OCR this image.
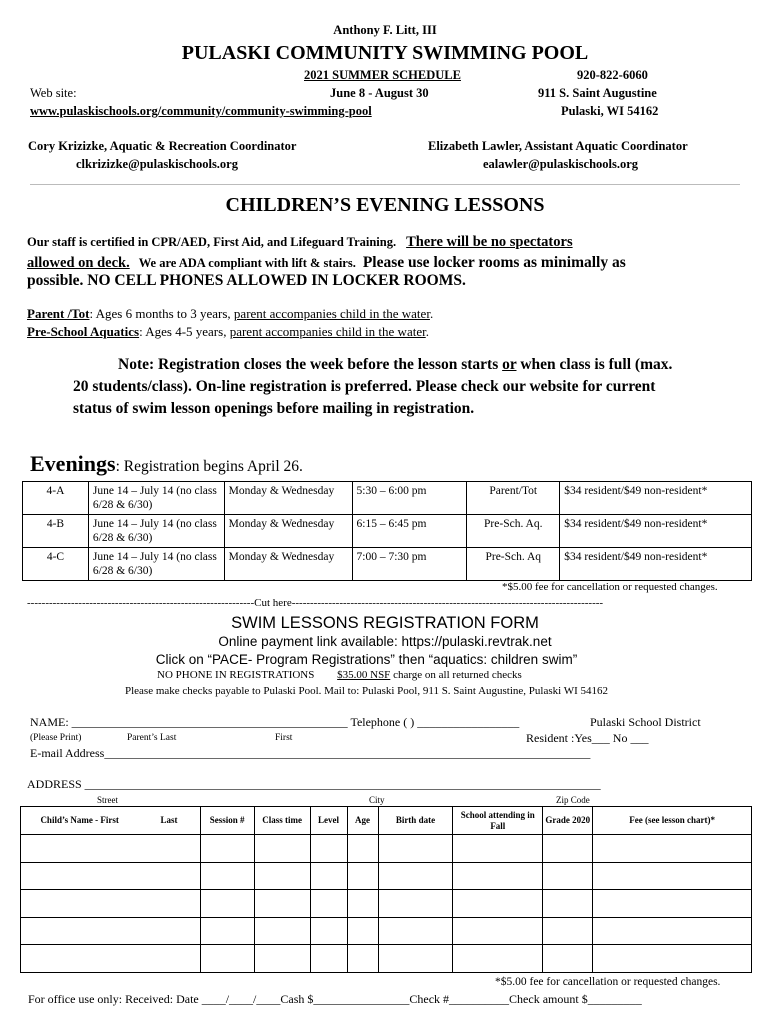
Anthony F. Litt, III
PULASKI COMMUNITY SWIMMING POOL
2021 SUMMER SCHEDULE	920-822-6060
Web site:	June 8 - August 30	911 S. Saint Augustine
www.pulaskischools.org/community/community-swimming-pool	Pulaski, WI 54162
Cory Krizizke, Aquatic & Recreation Coordinator
clkrizizke@pulaskischools.org
Elizabeth Lawler, Assistant Aquatic Coordinator
ealawler@pulaskischools.org
CHILDREN’S EVENING LESSONS
Our staff is certified in CPR/AED, First Aid, and Lifeguard Training. There will be no spectators
allowed on deck. We are ADA compliant with lift & stairs. Please use locker rooms as minimally as
possible. NO CELL PHONES ALLOWED IN LOCKER ROOMS.
Parent /Tot: Ages 6 months to 3 years, parent accompanies child in the water.
Pre-School Aquatics: Ages 4-5 years, parent accompanies child in the water.
Note: Registration closes the week before the lesson starts or when class is full (max.
20 students/class). On-line registration is preferred. Please check our website for current
status of swim lesson openings before mailing in registration.
Evenings: Registration begins April 26.
4-A	June 14 – July 14 (no class 6/28 & 6/30)	Monday & Wednesday	5:30 – 6:00 pm	Parent/Tot	$34 resident/$49 non-resident*
4-B	June 14 – July 14 (no class 6/28 & 6/30)	Monday & Wednesday	6:15 – 6:45 pm	Pre-Sch. Aq.	$34 resident/$49 non-resident*
4-C	June 14 – July 14 (no class 6/28 & 6/30)	Monday & Wednesday	7:00 – 7:30 pm	Pre-Sch. Aq	$34 resident/$49 non-resident*
*$5.00 fee for cancellation or requested changes.
--------------------------------------------------------------Cut here-------------------------------------------------------------------------------------
SWIM LESSONS REGISTRATION FORM
Online payment link available: https://pulaski.revtrak.net
Click on “PACE- Program Registrations” then “aquatics: children swim”
NO PHONE IN REGISTRATIONS $35.00 NSF charge on all returned checks
Please make checks payable to Pulaski Pool. Mail to: Pulaski Pool, 911 S. Saint Augustine, Pulaski WI 54162
NAME: ______________________________________________ Telephone ( ) _________________	Pulaski School District
(Please Print)	Parent’s Last	First	Resident :Yes___ No ___
E-mail Address_________________________________________________________________________________
ADDRESS ______________________________________________________________________________________
Street	City	Zip Code
Child’s Name - First	Last	Session #	Class time	Level	Age	Birth date	School attending in Fall	Grade 2020	Fee (see lesson chart)*

*$5.00 fee for cancellation or requested changes.
For office use only: Received: Date ____/____/____Cash $________________Check #__________Check amount $_________
